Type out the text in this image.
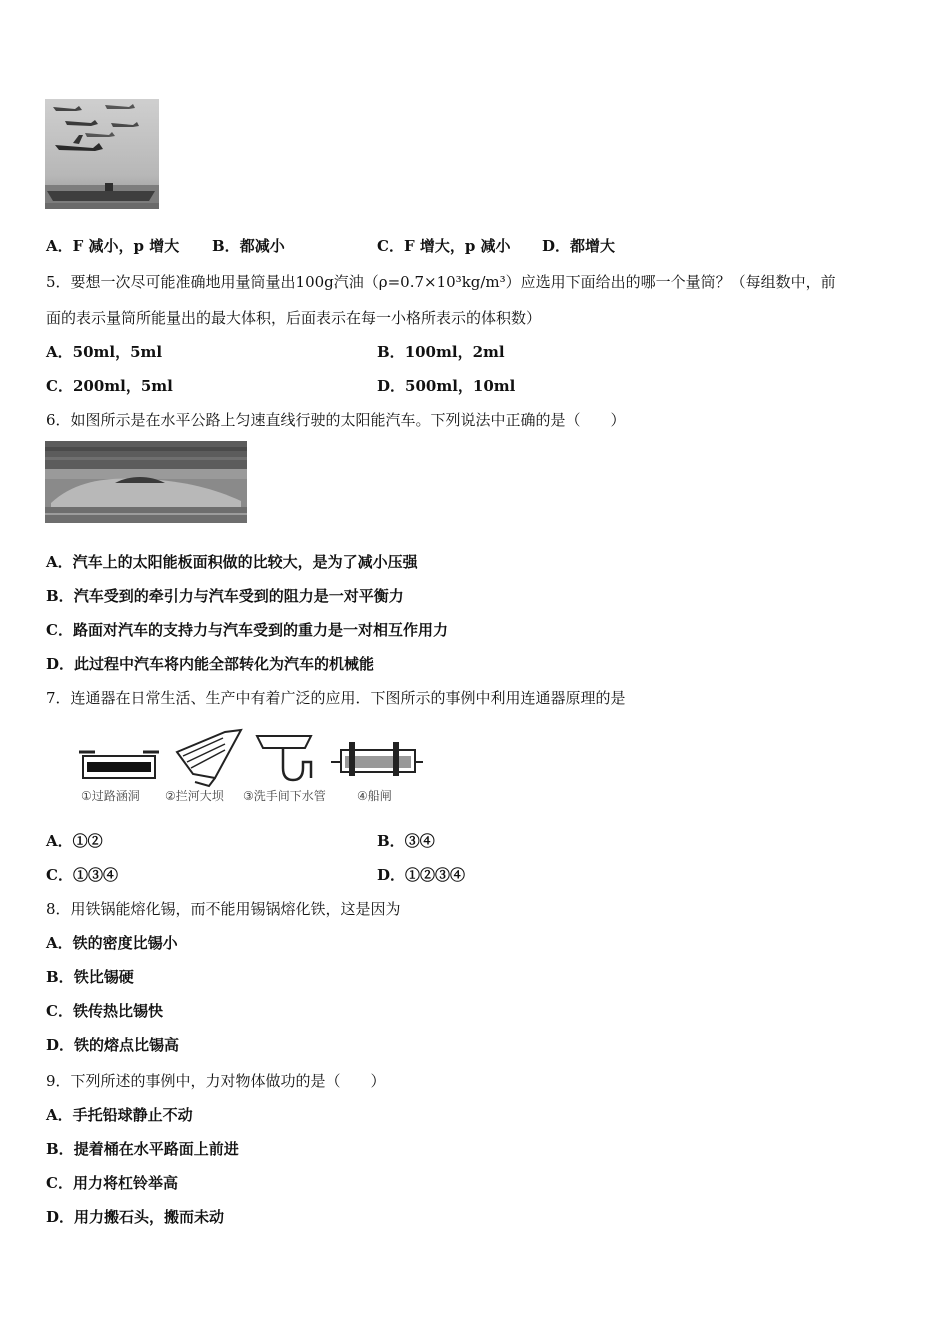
A．F 减小，p 增大 B．都减小	C．F 增大，p 减小 D．都增大
5．要想一次尽可能准确地用量筒量出100g汽油（ρ=0.7×10³kg/m³）应选用下面给出的哪一个量筒？（每组数中，前
面的表示量筒所能量出的最大体积，后面表示在每一小格所表示的体积数）
A．50ml，5ml	B．100ml，2ml
C．200ml，5ml	D．500ml，10ml
6．如图所示是在水平公路上匀速直线行驶的太阳能汽车。下列说法中正确的是（　　）
A．汽车上的太阳能板面积做的比较大，是为了减小压强
B．汽车受到的牵引力与汽车受到的阻力是一对平衡力
C．路面对汽车的支持力与汽车受到的重力是一对相互作用力
D．此过程中汽车将内能全部转化为汽车的机械能
7．连通器在日常生活、生产中有着广泛的应用．下图所示的事例中利用连通器原理的是
①过路涵洞 ②拦河大坝 ③洗手间下水管	④船闸
A．①②	B．③④
C．①③④	D．①②③④
8．用铁锅能熔化锡，而不能用锡锅熔化铁，这是因为
A．铁的密度比锡小
B．铁比锡硬
C．铁传热比锡快
D．铁的熔点比锡高
9．下列所述的事例中，力对物体做功的是（　　）
A．手托铅球静止不动
B．提着桶在水平路面上前进
C．用力将杠铃举高
D．用力搬石头，搬而未动
